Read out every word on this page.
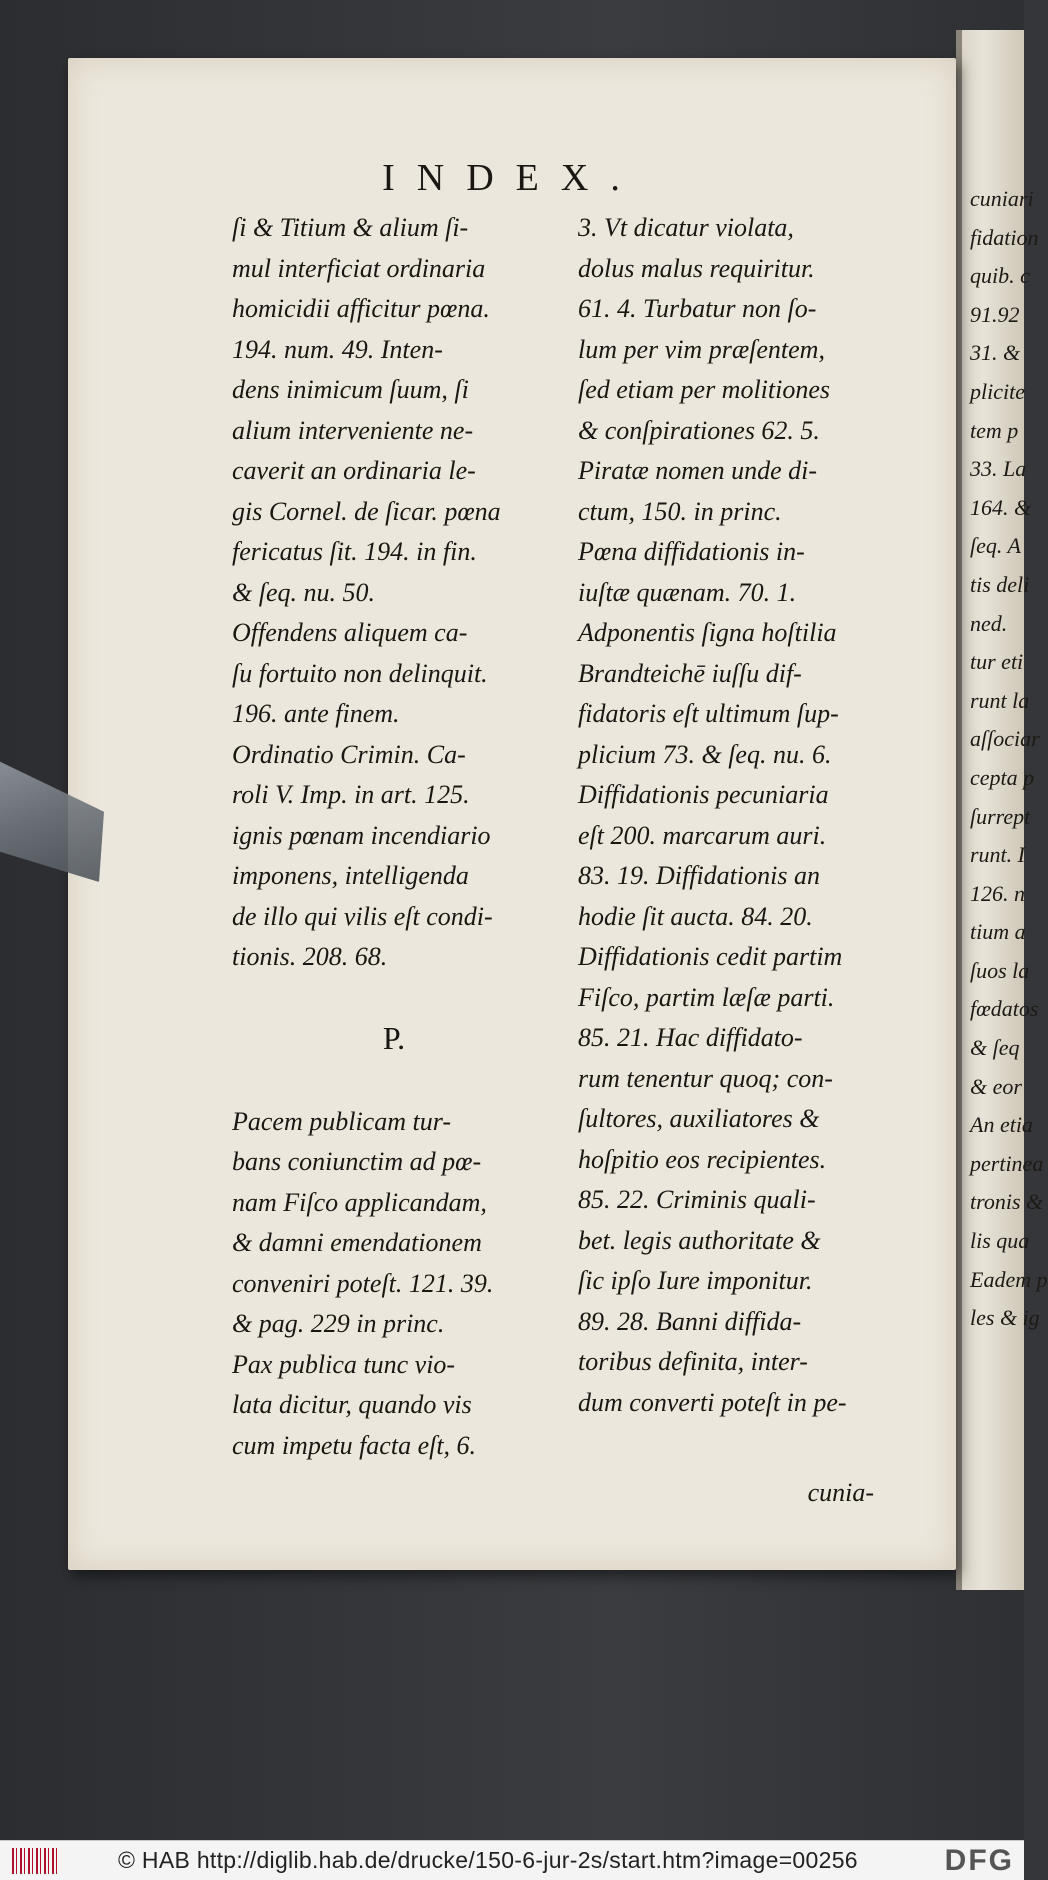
cuniari
fidation
quib. c
91.92
31. &
plicite
tem p
33. La
164. &
ſeq. A
tis deli
ned.
tur eti
runt la
aſſociar
cepta p
ſurrept
runt. I
126. n
tium a
ſuos la
fœdatos
& ſeq
& eor
An etia
pertinea
tronis &
lis qua
Eadem p
les & ig
INDEX.
ſi & Titium & alium ſi-
mul interficiat ordinaria
homicidii afficitur pœna.
194. num. 49. Inten-
dens inimicum ſuum, ſi
alium interveniente ne-
caverit an ordinaria le-
gis Cornel. de ſicar. pœna
fericatus ſit. 194. in fin.
& ſeq. nu. 50.
Offendens aliquem ca-
ſu fortuito non delinquit.
196. ante finem.
Ordinatio Crimin. Ca-
roli V. Imp. in art. 125.
ignis pœnam incendiario
imponens, intelligenda
de illo qui vilis eſt condi-
tionis. 208. 68.
Pacem publicam tur-
bans coniunctim ad pœ-
nam Fiſco applicandam,
& damni emendationem
conveniri poteſt. 121. 39.
& pag. 229 in princ.
Pax publica tunc vio-
lata dicitur, quando vis
cum impetu facta eſt, 6.
3. Vt dicatur violata,
dolus malus requiritur.
61. 4. Turbatur non ſo-
lum per vim præſentem,
ſed etiam per molitiones
& conſpirationes 62. 5.
Piratæ nomen unde di-
ctum, 150. in princ.
Pœna diffidationis in-
iuſtæ quænam. 70. 1.
Adponentis ſigna hoſtilia
Brandteichē iuſſu dif-
fidatoris eſt ultimum ſup-
plicium 73. & ſeq. nu. 6.
Diffidationis pecuniaria
eſt 200. marcarum auri.
83. 19. Diffidationis an
hodie ſit aucta. 84. 20.
Diffidationis cedit partim
Fiſco, partim læſæ parti.
85. 21. Hac diffidato-
rum tenentur quoq; con-
ſultores, auxiliatores &
hoſpitio eos recipientes.
85. 22. Criminis quali-
bet. legis authoritate &
ſic ipſo Iure imponitur.
89. 28. Banni diffida-
toribus definita, inter-
dum converti poteſt in pe-
P.
cunia-
© HAB http://diglib.hab.de/drucke/150-6-jur-2s/start.htm?image=00256	DFG
